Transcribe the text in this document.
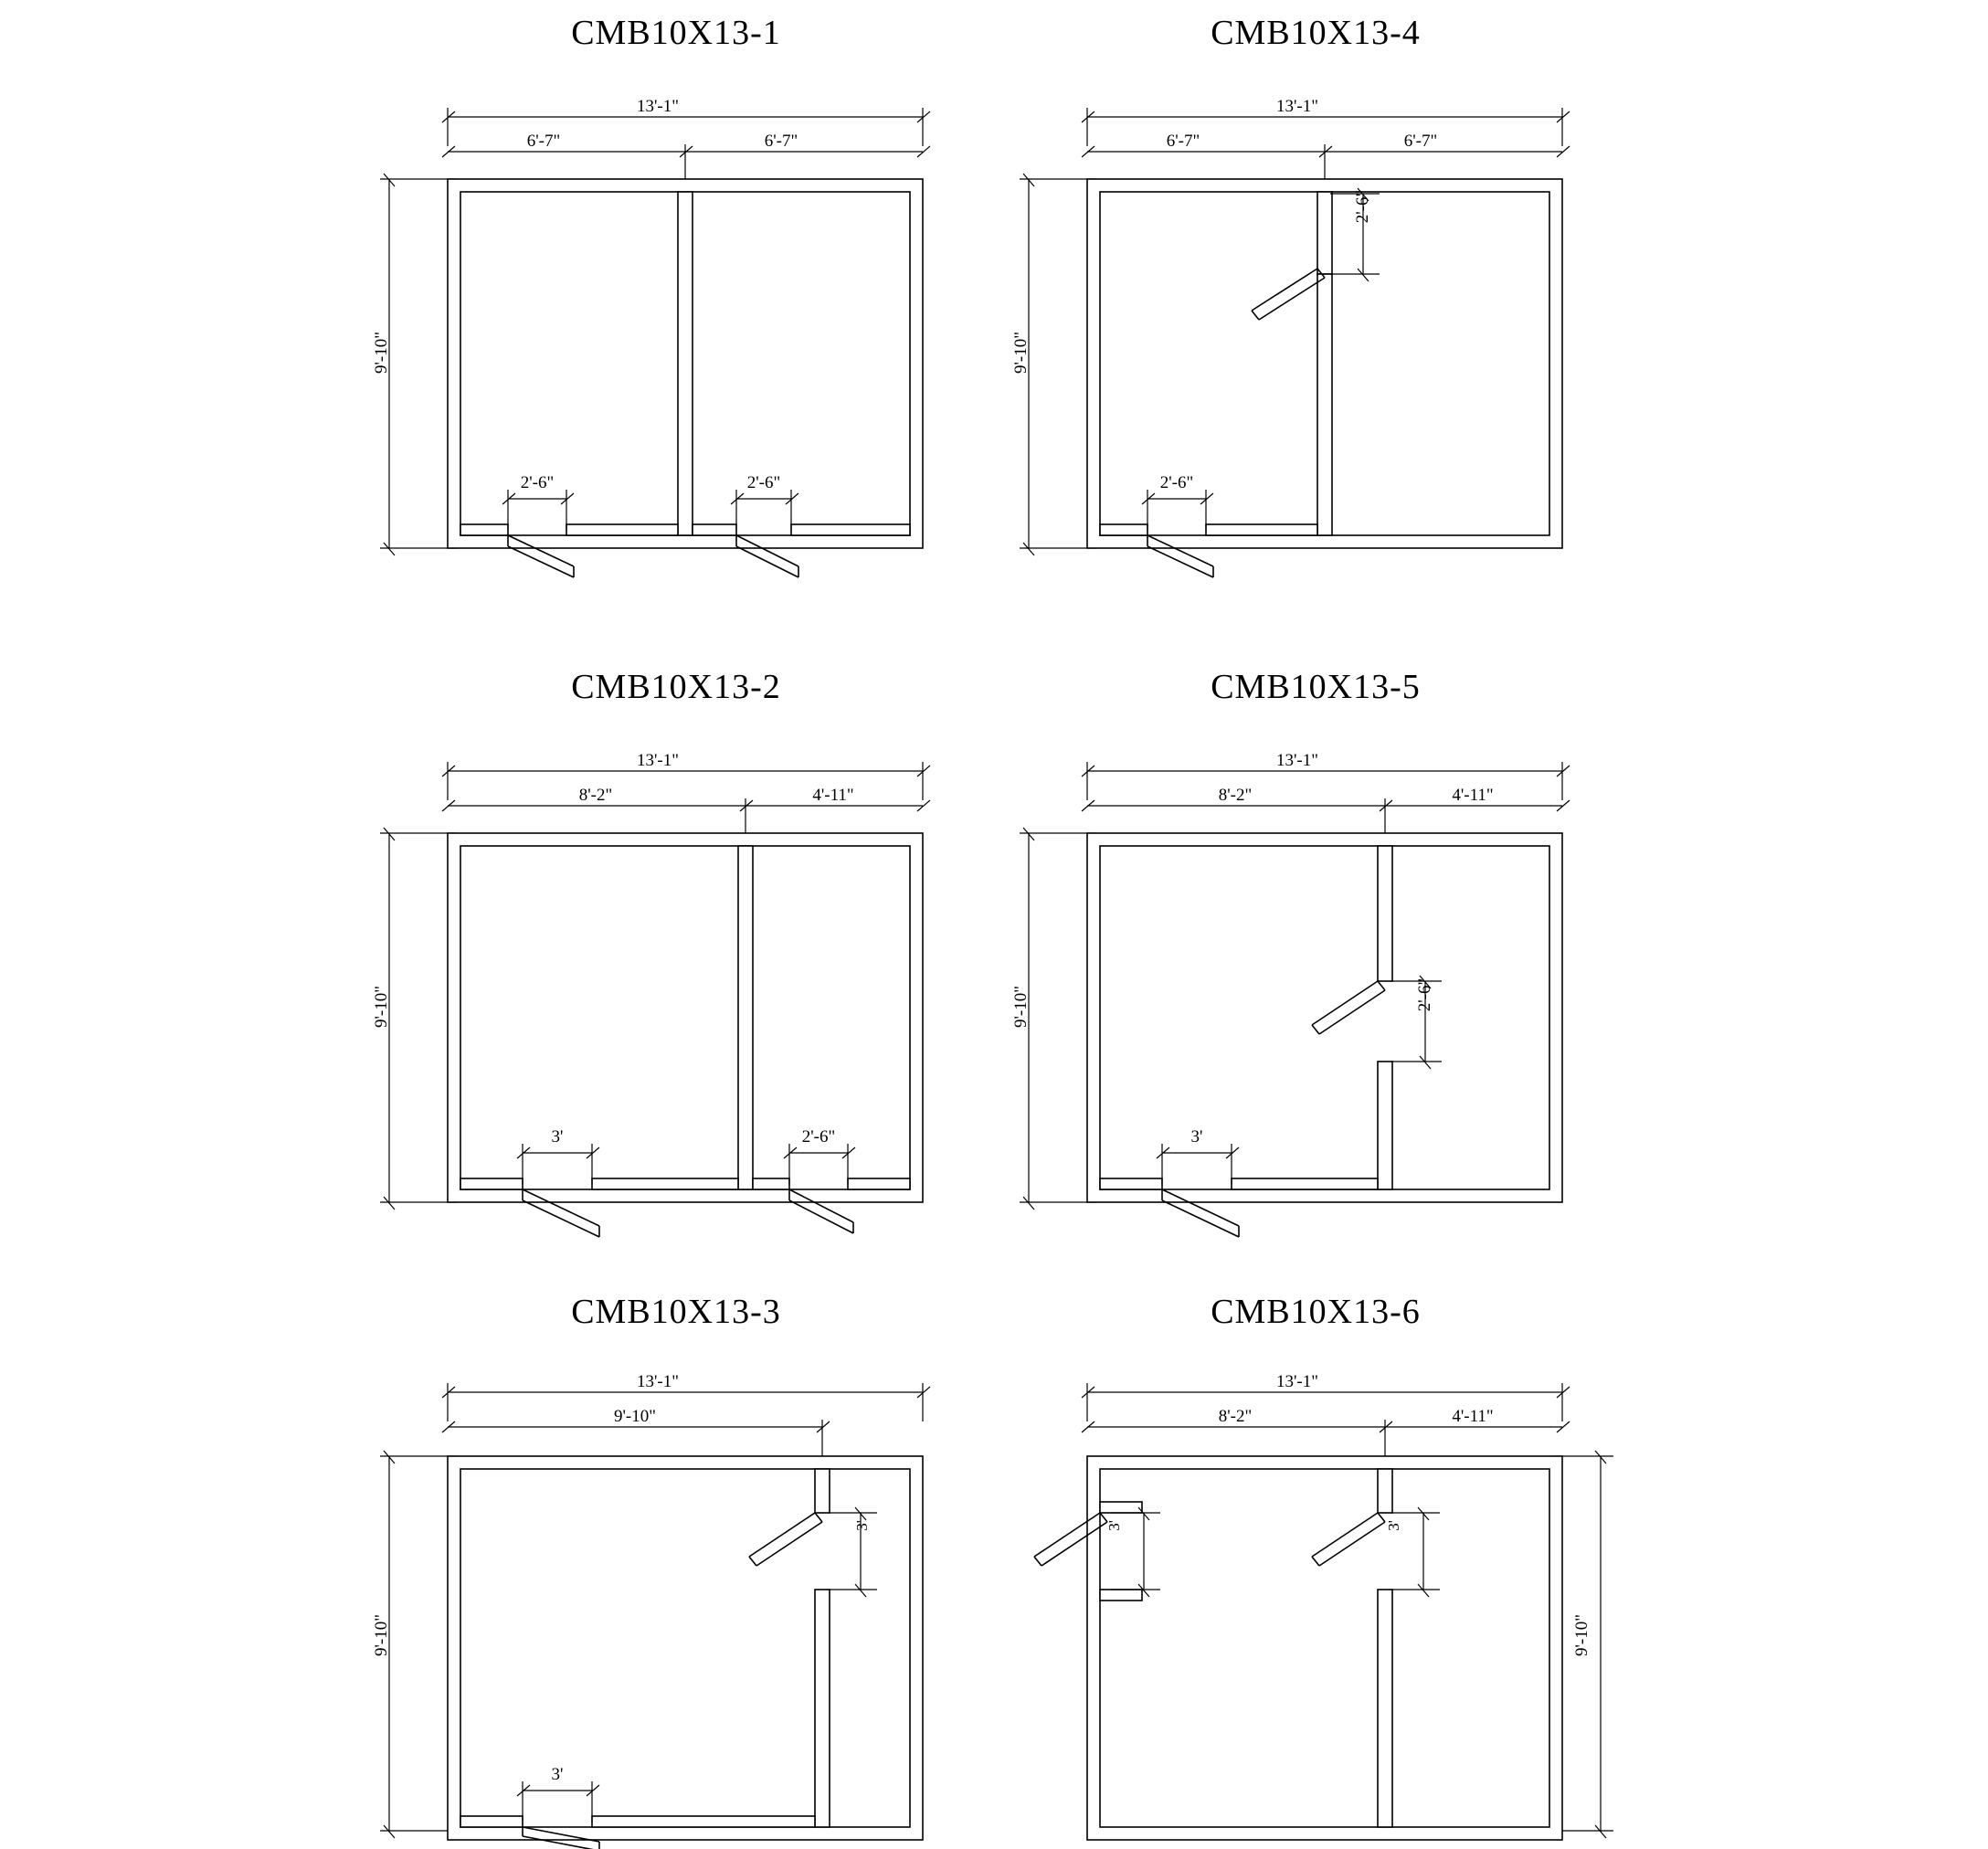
CMB10X13-1
13'-1"
6'-7"	6'-7"
9'-10"
2'-6"	2'-6"
CMB10X13-4
13'-1"
6'-7"	6'-7"
9'-10"
2'-6"
2'-6"
CMB10X13-2
13'-1"
8'-2"	4'-11"
9'-10"
3'	2'-6"
CMB10X13-5
13'-1"
8'-2"	4'-11"
9'-10"	2'-6"
3'
CMB10X13-3
13'-1"
9'-10"
9'-10"
3'
3'
CMB10X13-6
13'-1"
8'-2"	4'-11"
9'-10"
3'	3'
